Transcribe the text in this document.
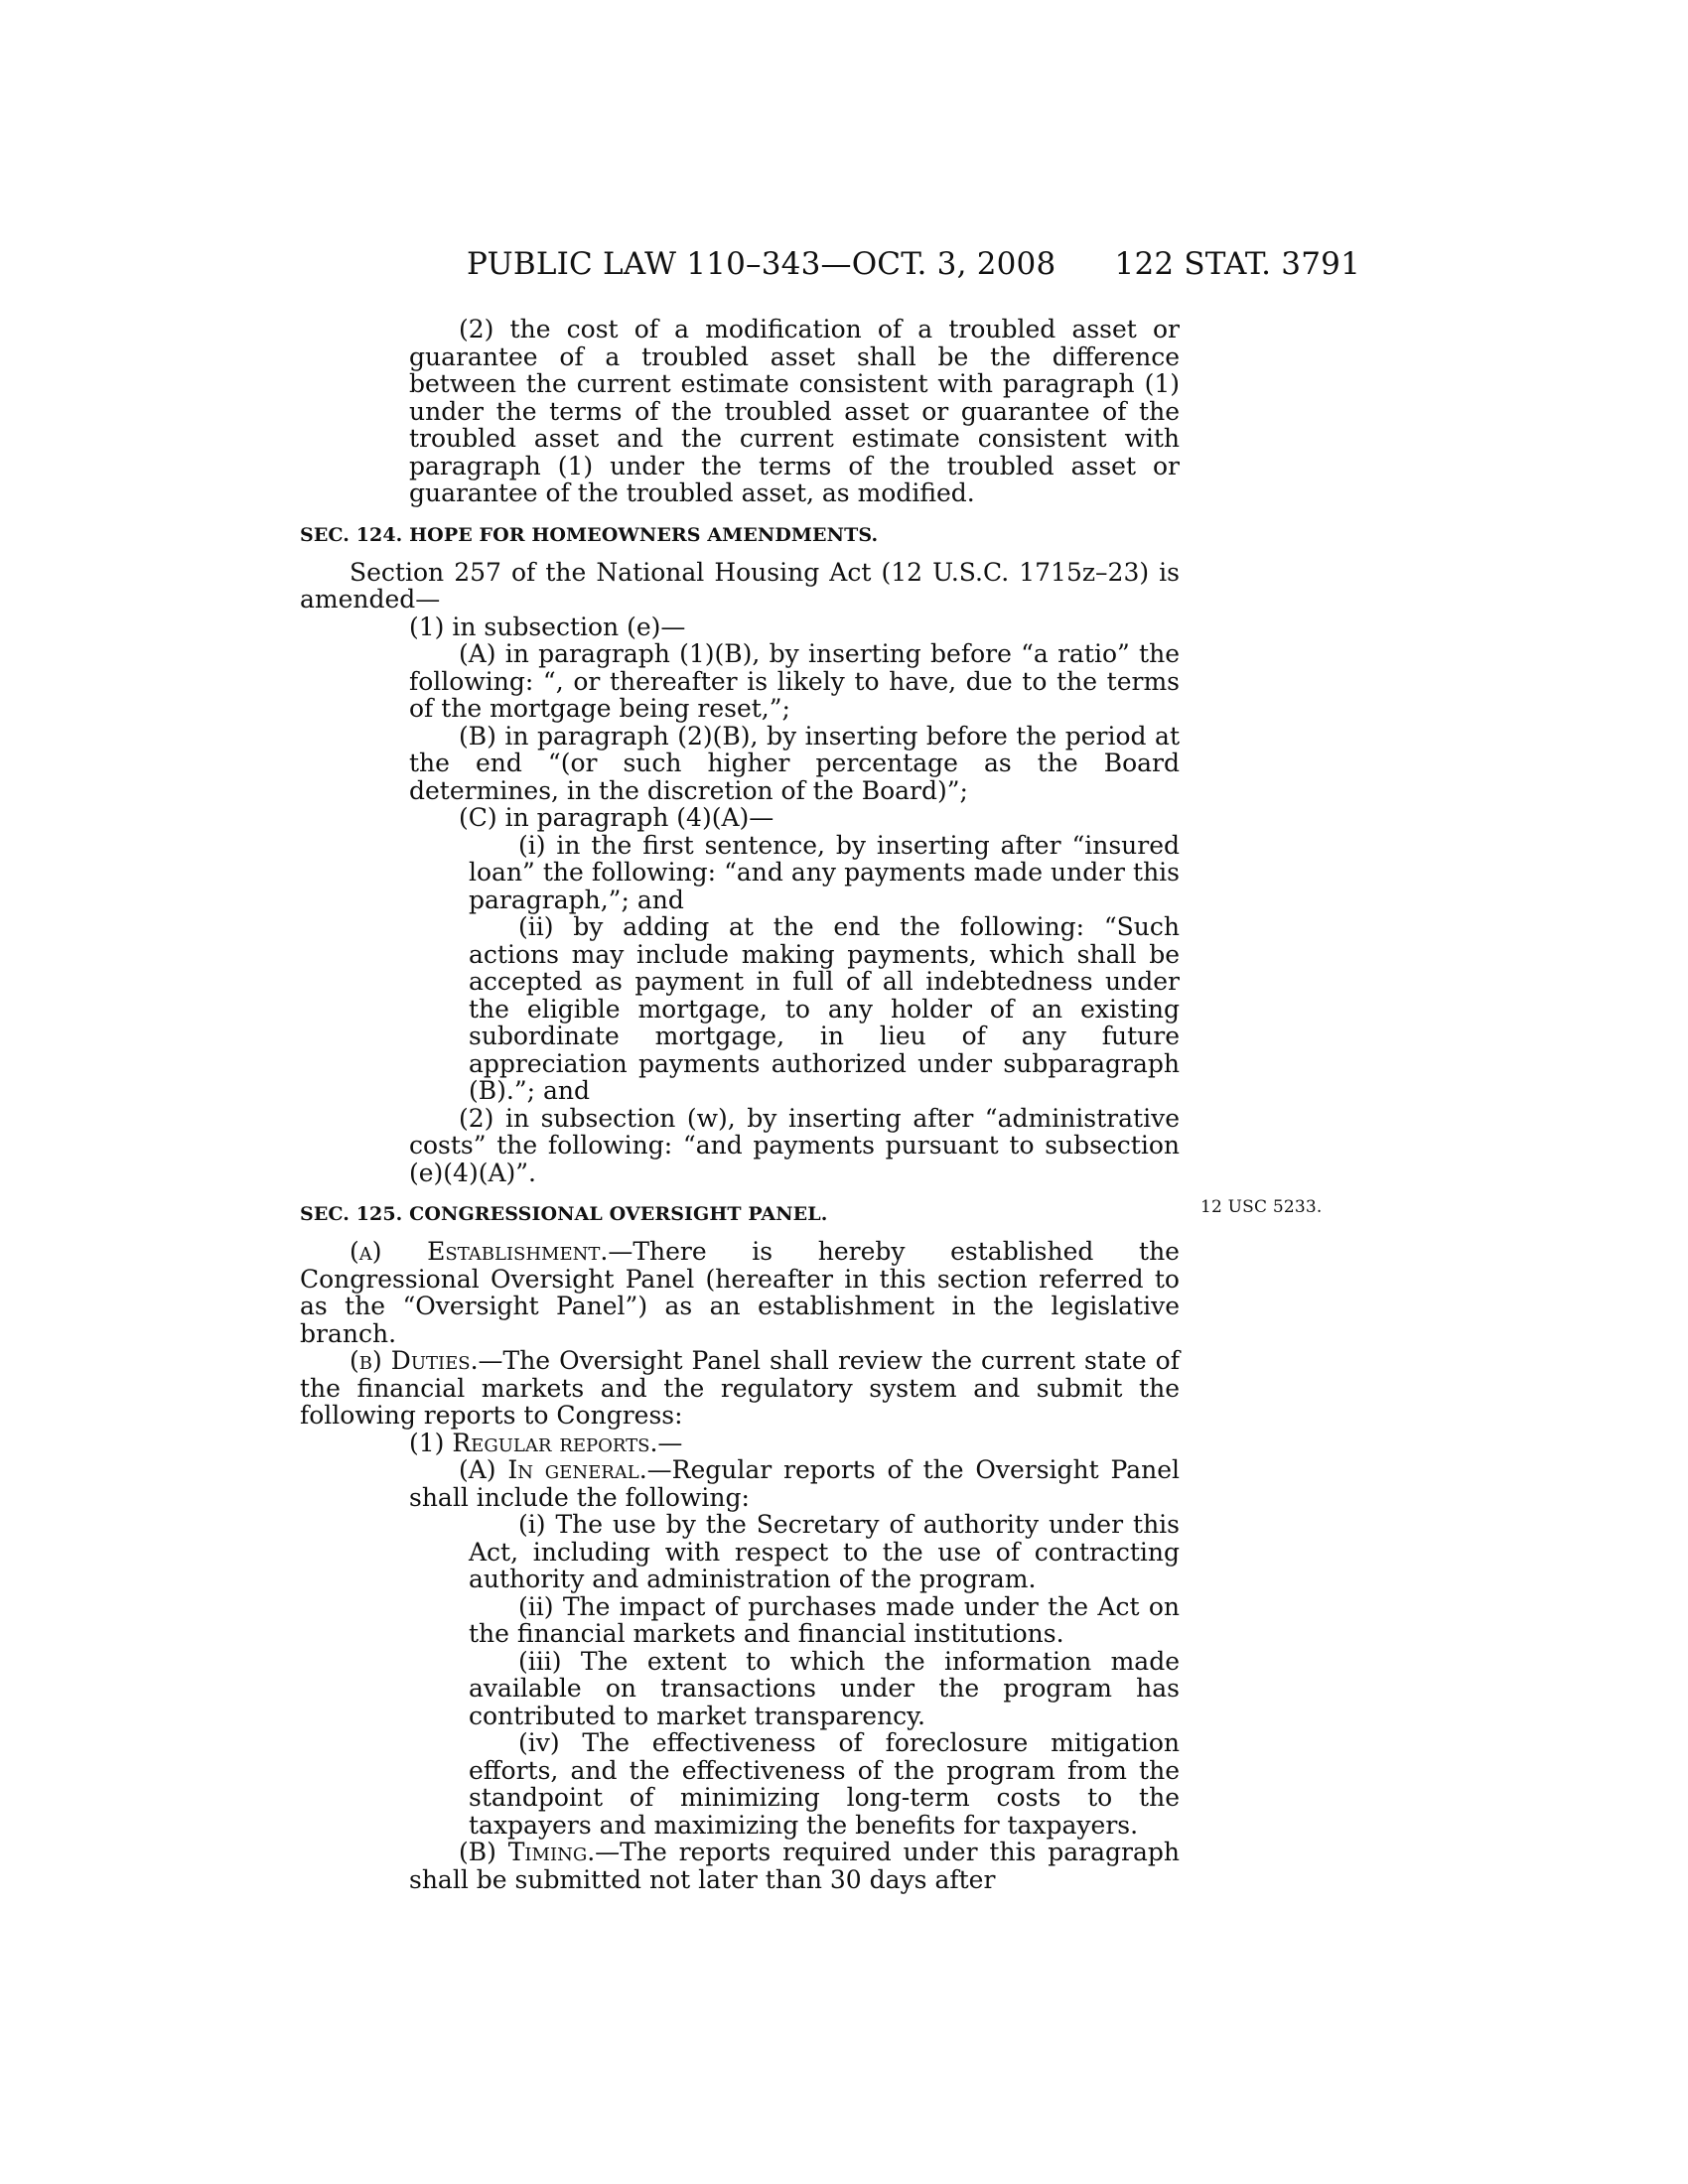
PUBLIC LAW 110–343—OCT. 3, 2008 122 STAT. 3791
12 USC 5233.

(2) the cost of a modification of a troubled asset or guarantee of a troubled asset shall be the difference between the current estimate consistent with paragraph (1) under the terms of the troubled asset or guarantee of the troubled asset and the current estimate consistent with paragraph (1) under the terms of the troubled asset or guarantee of the troubled asset, as modified.

SEC. 124. HOPE FOR HOMEOWNERS AMENDMENTS.

Section 257 of the National Housing Act (12 U.S.C. 1715z–23) is amended—

(1) in subsection (e)—

(A) in paragraph (1)(B), by inserting before “a ratio” the following: “, or thereafter is likely to have, due to the terms of the mortgage being reset,”;

(B) in paragraph (2)(B), by inserting before the period at the end “(or such higher percentage as the Board determines, in the discretion of the Board)”;

(C) in paragraph (4)(A)—

(i) in the first sentence, by inserting after “insured loan” the following: “and any payments made under this paragraph,”; and

(ii) by adding at the end the following: “Such actions may include making payments, which shall be accepted as payment in full of all indebtedness under the eligible mortgage, to any holder of an existing subordinate mortgage, in lieu of any future appreciation payments authorized under subparagraph (B).”; and

(2) in subsection (w), by inserting after “administrative costs” the following: “and payments pursuant to subsection (e)(4)(A)”.

SEC. 125. CONGRESSIONAL OVERSIGHT PANEL.

(a) Establishment.—There is hereby established the Congressional Oversight Panel (hereafter in this section referred to as the “Oversight Panel”) as an establishment in the legislative branch.

(b) Duties.—The Oversight Panel shall review the current state of the financial markets and the regulatory system and submit the following reports to Congress:

(1) Regular reports.—

(A) In general.—Regular reports of the Oversight Panel shall include the following:

(i) The use by the Secretary of authority under this Act, including with respect to the use of contracting authority and administration of the program.

(ii) The impact of purchases made under the Act on the financial markets and financial institutions.

(iii) The extent to which the information made available on transactions under the program has contributed to market transparency.

(iv) The effectiveness of foreclosure mitigation efforts, and the effectiveness of the program from the standpoint of minimizing long-term costs to the taxpayers and maximizing the benefits for taxpayers.

(B) Timing.—The reports required under this paragraph shall be submitted not later than 30 days after
